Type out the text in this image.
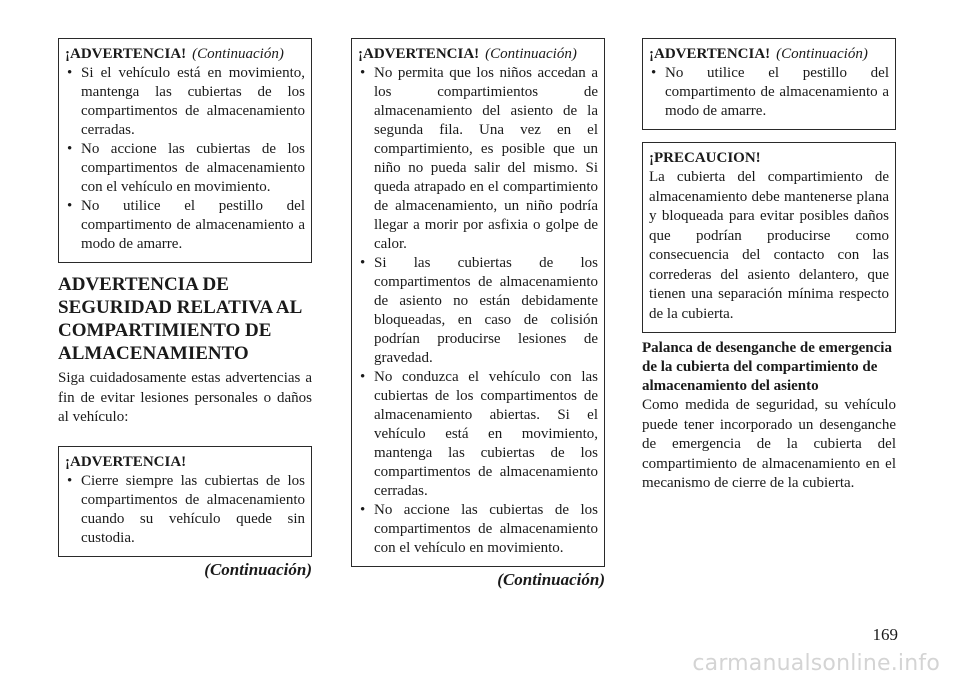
¡ADVERTENCIA! (Continuación)
• Si el vehículo está en movimiento, mantenga las cubiertas de los compartimentos de almacenamiento cerradas.
• No accione las cubiertas de los compartimentos de almacenamiento con el vehículo en movimiento.
• No utilice el pestillo del compartimento de almacenamiento a modo de amarre.
ADVERTENCIA DE SEGURIDAD RELATIVA AL COMPARTIMIENTO DE ALMACENAMIENTO

Siga cuidadosamente estas advertencias a fin de evitar lesiones personales o daños al vehículo:

¡ADVERTENCIA!
• Cierre siempre las cubiertas de los compartimentos de almacenamiento cuando su vehículo quede sin custodia.
(Continuación)
¡ADVERTENCIA! (Continuación)
• No permita que los niños accedan a los compartimientos de almacenamiento del asiento de la segunda fila. Una vez en el compartimiento, es posible que un niño no pueda salir del mismo. Si queda atrapado en el compartimiento de almacenamiento, un niño podría llegar a morir por asfixia o golpe de calor.
• Si las cubiertas de los compartimentos de almacenamiento de asiento no están debidamente bloqueadas, en caso de colisión podrían producirse lesiones de gravedad.
• No conduzca el vehículo con las cubiertas de los compartimentos de almacenamiento abiertas. Si el vehículo está en movimiento, mantenga las cubiertas de los compartimentos de almacenamiento cerradas.
• No accione las cubiertas de los compartimentos de almacenamiento con el vehículo en movimiento.
(Continuación)
¡ADVERTENCIA! (Continuación)
• No utilice el pestillo del compartimento de almacenamiento a modo de amarre.
¡PRECAUCION!

La cubierta del compartimiento de almacenamiento debe mantenerse plana y bloqueada para evitar posibles daños que podrían producirse como consecuencia del contacto con las correderas del asiento delantero, que tienen una separación mínima respecto de la cubierta.

Palanca de desenganche de emergencia de la cubierta del compartimiento de almacenamiento del asiento

Como medida de seguridad, su vehículo puede tener incorporado un desenganche de emergencia de la cubierta del compartimiento de almacenamiento en el mecanismo de cierre de la cubierta.

169
carmanualsonline.info
